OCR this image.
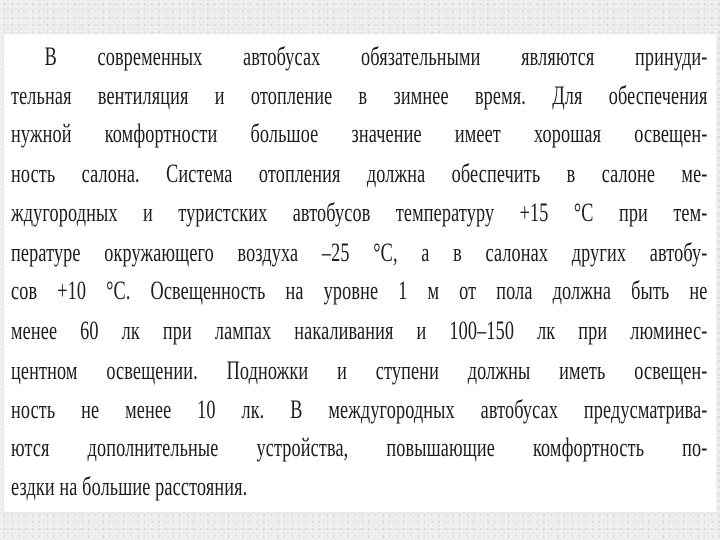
В современных автобусах обязательными являются принуди-
тельная вентиляция и отопление в зимнее время. Для обеспечения
нужной комфортности большое значение имеет хорошая освещен-
ность салона. Система отопления должна обеспечить в салоне ме-
ждугородных и туристских автобусов температуру +15 °С при тем-
пературе окружающего воздуха –25 °С, а в салонах других автобу-
сов +10 °С. Освещенность на уровне 1 м от пола должна быть не
менее 60 лк при лампах накаливания и 100–150 лк при люминес-
центном освещении. Подножки и ступени должны иметь освещен-
ность не менее 10 лк. В междугородных автобусах предусматрива-
ются дополнительные устройства, повышающие комфортность по-
ездки на большие расстояния.
